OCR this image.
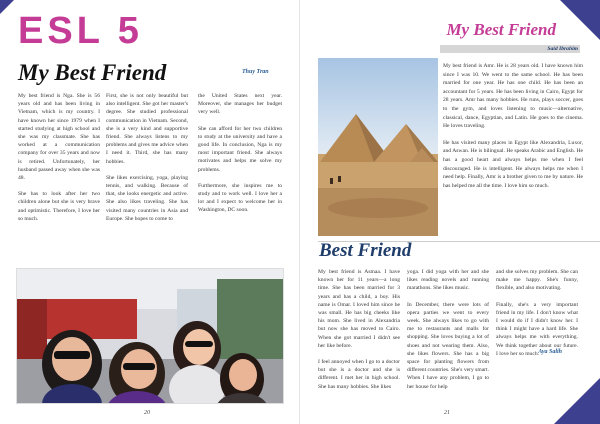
ESL 5
My Best Friend	Thuy Tran

My best friend is Nga. She is 56 years old and has been living in Vietnam, which is my country. I have known her since 1979 when I started studying at high school and she was my classmate. She has worked at a communication company for over 35 years and now is retired. Unfortunately, her husband passed away when she was 48.

She has to look after her two children alone but she is very brave and optimistic. Therefore, I love her so much.

First, she is not only beautiful but also intelligent. She got her master's degree. She studied professional communication in Vietnam. Second, she is a very kind and supportive friend. She always listens to my problems and gives me advice when I need it. Third, she has many hobbies.

She likes exercising, yoga, playing tennis, and walking. Because of that, she looks energetic and active. She also likes traveling. She has visited many countries in Asia and Europe. She hopes to come to

the United States next year. Moreover, she manages her budget very well.

She can afford for her two children to study at the university and have a good life. In conclusion, Nga is my most important friend. She always motivates and helps me solve my problems.

Furthermore, she inspires me to study and to work well. I love her a lot and I expect to welcome her in Washington, DC soon.

20
My Best Friend
Said Ibrahim

My best friend is Amr. He is 28 years old. I have known him since I was 10. We went to the same school. He has been married for one year. He has one child. He has been an accountant for 5 years. He has been living in Cairo, Egypt for 28 years. Amr has many hobbies. He runs, plays soccer, goes to the gym, and loves listening to music—alternative, classical, dance, Egyptian, and Latin. He goes to the cinema. He loves traveling.

He has visited many places in Egypt like Alexandria, Luxor, and Aswan. He is bilingual. He speaks Arabic and English. He has a good heart and always helps me when I feel discouraged. He is intelligent. He always helps me when I need help. Finally, Amr is a brother given to me by nature. He has helped me all the time. I love him so much.

Best Friend

My best friend is Asmaa. I have known her for 11 years—a long time. She has been married for 3 years and has a child, a boy. His name is Omar. I loved him since he was small. He has big cheeks like his mom. She lived in Alexandria but now she has moved to Cairo. When she got married I didn't see her like before.

I feel annoyed when I go to a doctor but she is a doctor and she is different. I met her in high school. She has many hobbies. She likes

yoga. I did yoga with her and she likes reading novels and running marathons. She likes music.

In December, there were lots of opera parties we went to every week. She always likes to go with me to restaurants and malls for shopping. She loves buying a lot of shoes and not wearing them. Also, she likes flowers. She has a big space for planting flowers from different countries. She's very smart. When I have any problem, I go to her house for help

and she solves my problem. She can make me happy. She's funny, flexible, and also motivating.

Finally, she's a very important friend in my life. I don't know what I would do if I didn't know her. I think I might have a hard life. She always helps me with everything. We think together about our future. I love her so much. Aya Salih
21
